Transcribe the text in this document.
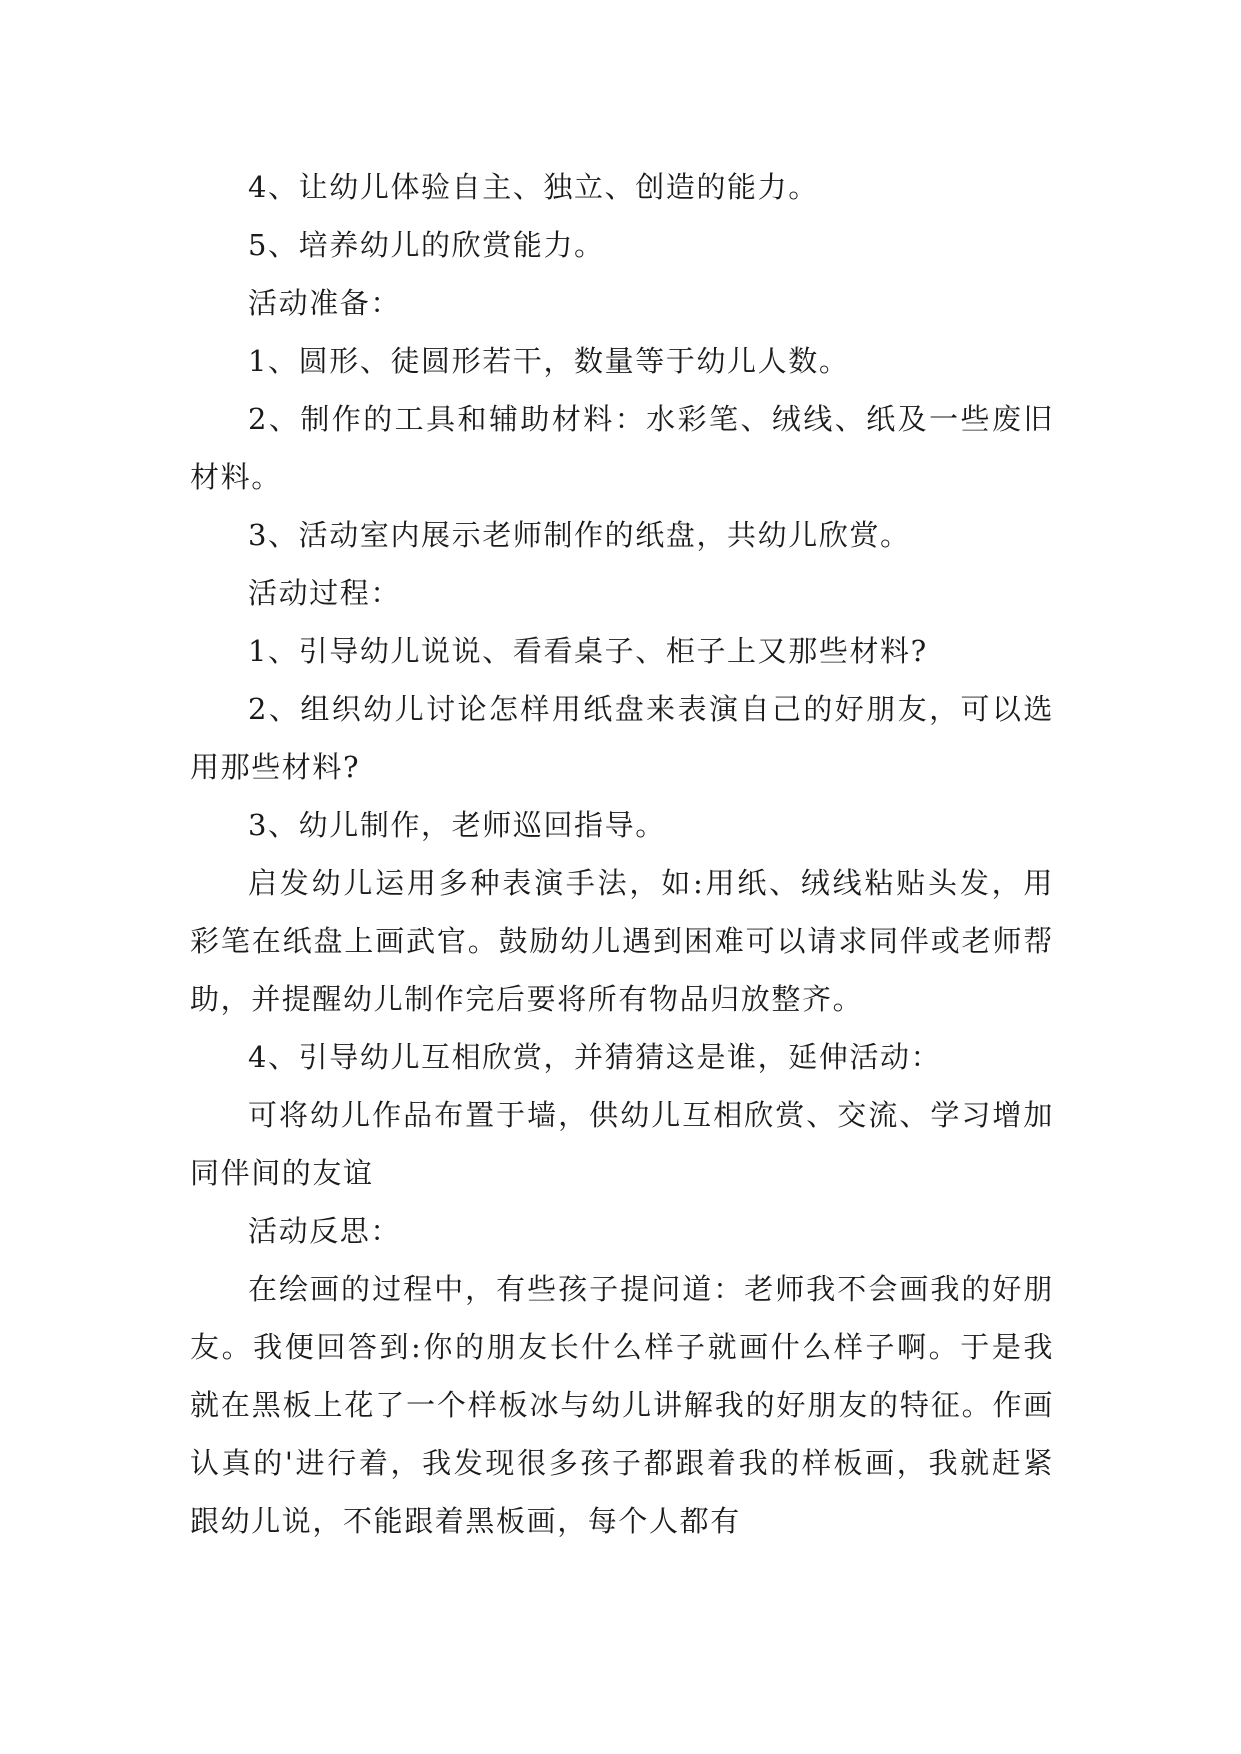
4、让幼儿体验自主、独立、创造的能力。

5、培养幼儿的欣赏能力。

活动准备：

1、圆形、徒圆形若干，数量等于幼儿人数。

2、制作的工具和辅助材料：水彩笔、绒线、纸及一些废旧材料。

3、活动室内展示老师制作的纸盘，共幼儿欣赏。

活动过程：

1、引导幼儿说说、看看桌子、柜子上又那些材料?

2、组织幼儿讨论怎样用纸盘来表演自己的好朋友，可以选用那些材料?

3、幼儿制作，老师巡回指导。

启发幼儿运用多种表演手法，如:用纸、绒线粘贴头发，用彩笔在纸盘上画武官。鼓励幼儿遇到困难可以请求同伴或老师帮助，并提醒幼儿制作完后要将所有物品归放整齐。

4、引导幼儿互相欣赏，并猜猜这是谁，延伸活动：

可将幼儿作品布置于墙，供幼儿互相欣赏、交流、学习增加同伴间的友谊

活动反思：

在绘画的过程中，有些孩子提问道：老师我不会画我的好朋友。我便回答到:你的朋友长什么样子就画什么样子啊。于是我就在黑板上花了一个样板冰与幼儿讲解我的好朋友的特征。作画认真的'进行着，我发现很多孩子都跟着我的样板画，我就赶紧跟幼儿说，不能跟着黑板画，每个人都有
